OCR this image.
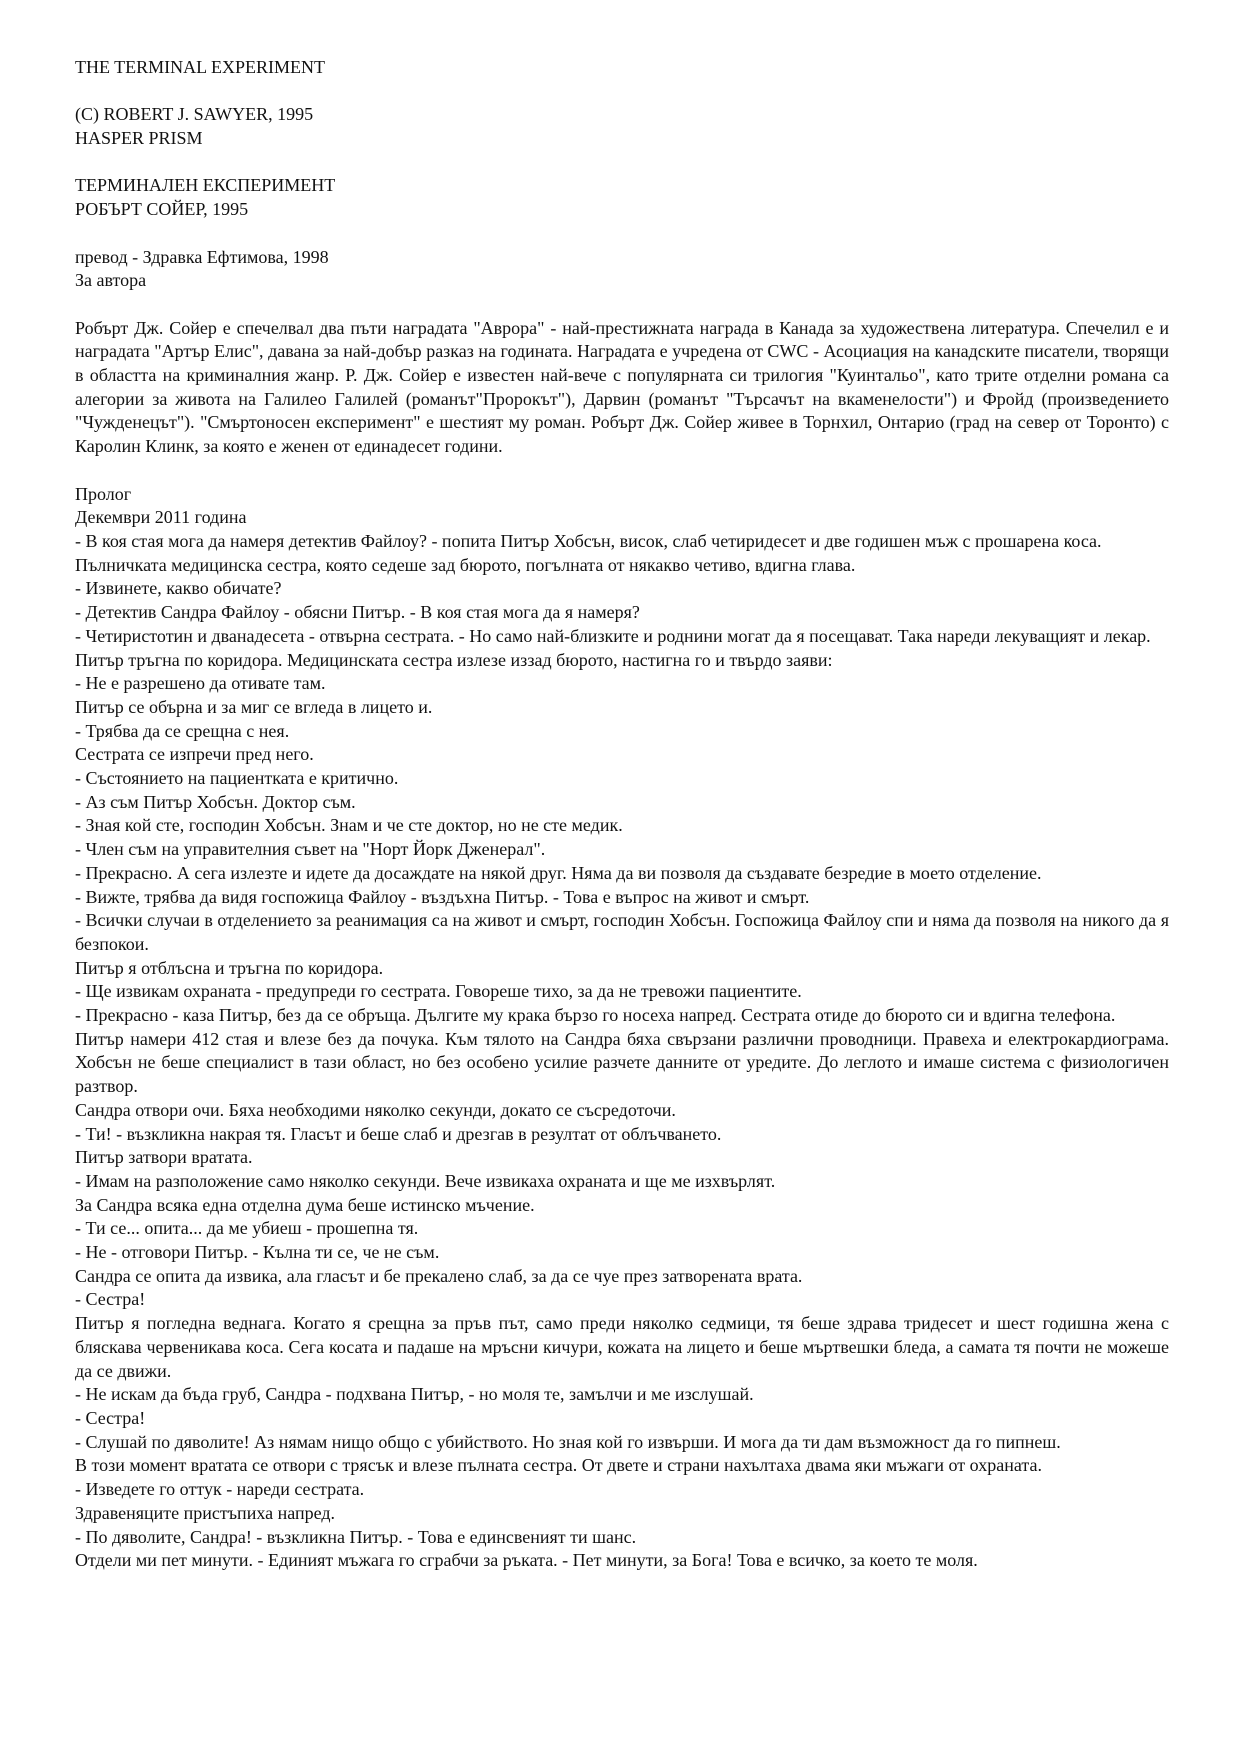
THE TERMINAL EXPERIMENT

(C) ROBERT J. SAWYER, 1995

HASPER PRISM

ТЕРМИНАЛЕН ЕКСПЕРИМЕНТ

РОБЪРТ СОЙЕР, 1995

превод - Здравка Ефтимова, 1998

За автора

Робърт Дж. Сойер е спечелвал два пъти наградата "Аврора" - най-престижната награда в Канада за художествена литература. Спечелил е и наградата "Артър Елис", давана за най-добър разказ на годината. Наградата е учредена от CWC - Асоциация на канадските писатели, творящи в областта на криминалния жанр. Р. Дж. Сойер е известен най-вече с популярната си трилогия "Куинтальо", като трите отделни романа са алегории за живота на Галилео Галилей (романът"Пророкът"), Дарвин (романът "Търсачът на вкаменелости") и Фройд (произведението "Чужденецът"). "Смъртоносен експеримент" е шестият му роман. Робърт Дж. Сойер живее в Торнхил, Онтарио (град на север от Торонто) с Каролин Клинк, за която е женен от единадесет години.

Пролог

Декември 2011 година

- В коя стая мога да намеря детектив Файлоу? - попита Питър Хобсън, висок, слаб четиридесет и две годишен мъж с прошарена коса.

Пълничката медицинска сестра, която седеше зад бюрото, погълната от някакво четиво, вдигна глава.

- Извинете, какво обичате?

- Детектив Сандра Файлоу - обясни Питър. - В коя стая мога да я намеря?

- Четиристотин и дванадесета - отвърна сестрата. - Но само най-близките и роднини могат да я посещават. Така нареди лекуващият и лекар.

Питър тръгна по коридора. Медицинската сестра излезе иззад бюрото, настигна го и твърдо заяви:

- Не е разрешено да отивате там.

Питър се обърна и за миг се вгледа в лицето и.

- Трябва да се срещна с нея.

Сестрата се изпречи пред него.

- Състоянието на пациентката е критично.

- Аз съм Питър Хобсън. Доктор съм.

- Зная кой сте, господин Хобсън. Знам и че сте доктор, но не сте медик.

- Член съм на управителния съвет на "Норт Йорк Дженерал".

- Прекрасно. А сега излезте и идете да досаждате на някой друг. Няма да ви позволя да създавате безредие в моето отделение.

- Вижте, трябва да видя госпожица Файлоу - въздъхна Питър. - Това е въпрос на живот и смърт.

- Всички случаи в отделението за реанимация са на живот и смърт, господин Хобсън. Госпожица Файлоу спи и няма да позволя на никого да я безпокои.

Питър я отблъсна и тръгна по коридора.

- Ще извикам охраната - предупреди го сестрата. Говореше тихо, за да не тревожи пациентите.

- Прекрасно - каза Питър, без да се обръща. Дългите му крака бързо го носеха напред. Сестрата отиде до бюрото си и вдигна телефона.

Питър намери 412 стая и влезе без да почука. Към тялото на Сандра бяха свързани различни проводници. Правеха и електрокардиограма. Хобсън не беше специалист в тази област, но без особено усилие разчете данните от уредите. До леглото и имаше система с физиологичен разтвор.

Сандра отвори очи. Бяха необходими няколко секунди, докато се съсредоточи.

- Ти! - възкликна накрая тя. Гласът и беше слаб и дрезгав в резултат от облъчването.

Питър затвори вратата.

- Имам на разположение само няколко секунди. Вече извикаха охраната и ще ме изхвърлят.

За Сандра всяка една отделна дума беше истинско мъчение.

- Ти се... опита... да ме убиеш - прошепна тя.

- Не - отговори Питър. - Кълна ти се, че не съм.

Сандра се опита да извика, ала гласът и бе прекалено слаб, за да се чуе през затворената врата.

- Сестра!

Питър я погледна веднага. Когато я срещна за пръв път, само преди няколко седмици, тя беше здрава тридесет и шест годишна жена с бляскава червеникава коса. Сега косата и падаше на мръсни кичури, кожата на лицето и беше мъртвешки бледа, а самата тя почти не можеше да се движи.

- Не искам да бъда груб, Сандра - подхвана Питър, - но моля те, замълчи и ме изслушай.

- Сестра!

- Слушай по дяволите! Аз нямам нищо общо с убийството. Но зная кой го извърши. И мога да ти дам възможност да го пипнеш.

В този момент вратата се отвори с трясък и влезе пълната сестра. От двете и страни нахълтаха двама яки мъжаги от охраната.

- Изведете го оттук - нареди сестрата.

Здравеняците пристъпиха напред.

- По дяволите, Сандра! - възкликна Питър. - Това е единсвеният ти шанс.

Отдели ми пет минути. - Единият мъжага го сграбчи за ръката. - Пет минути, за Бога! Това е всичко, за което те моля.
